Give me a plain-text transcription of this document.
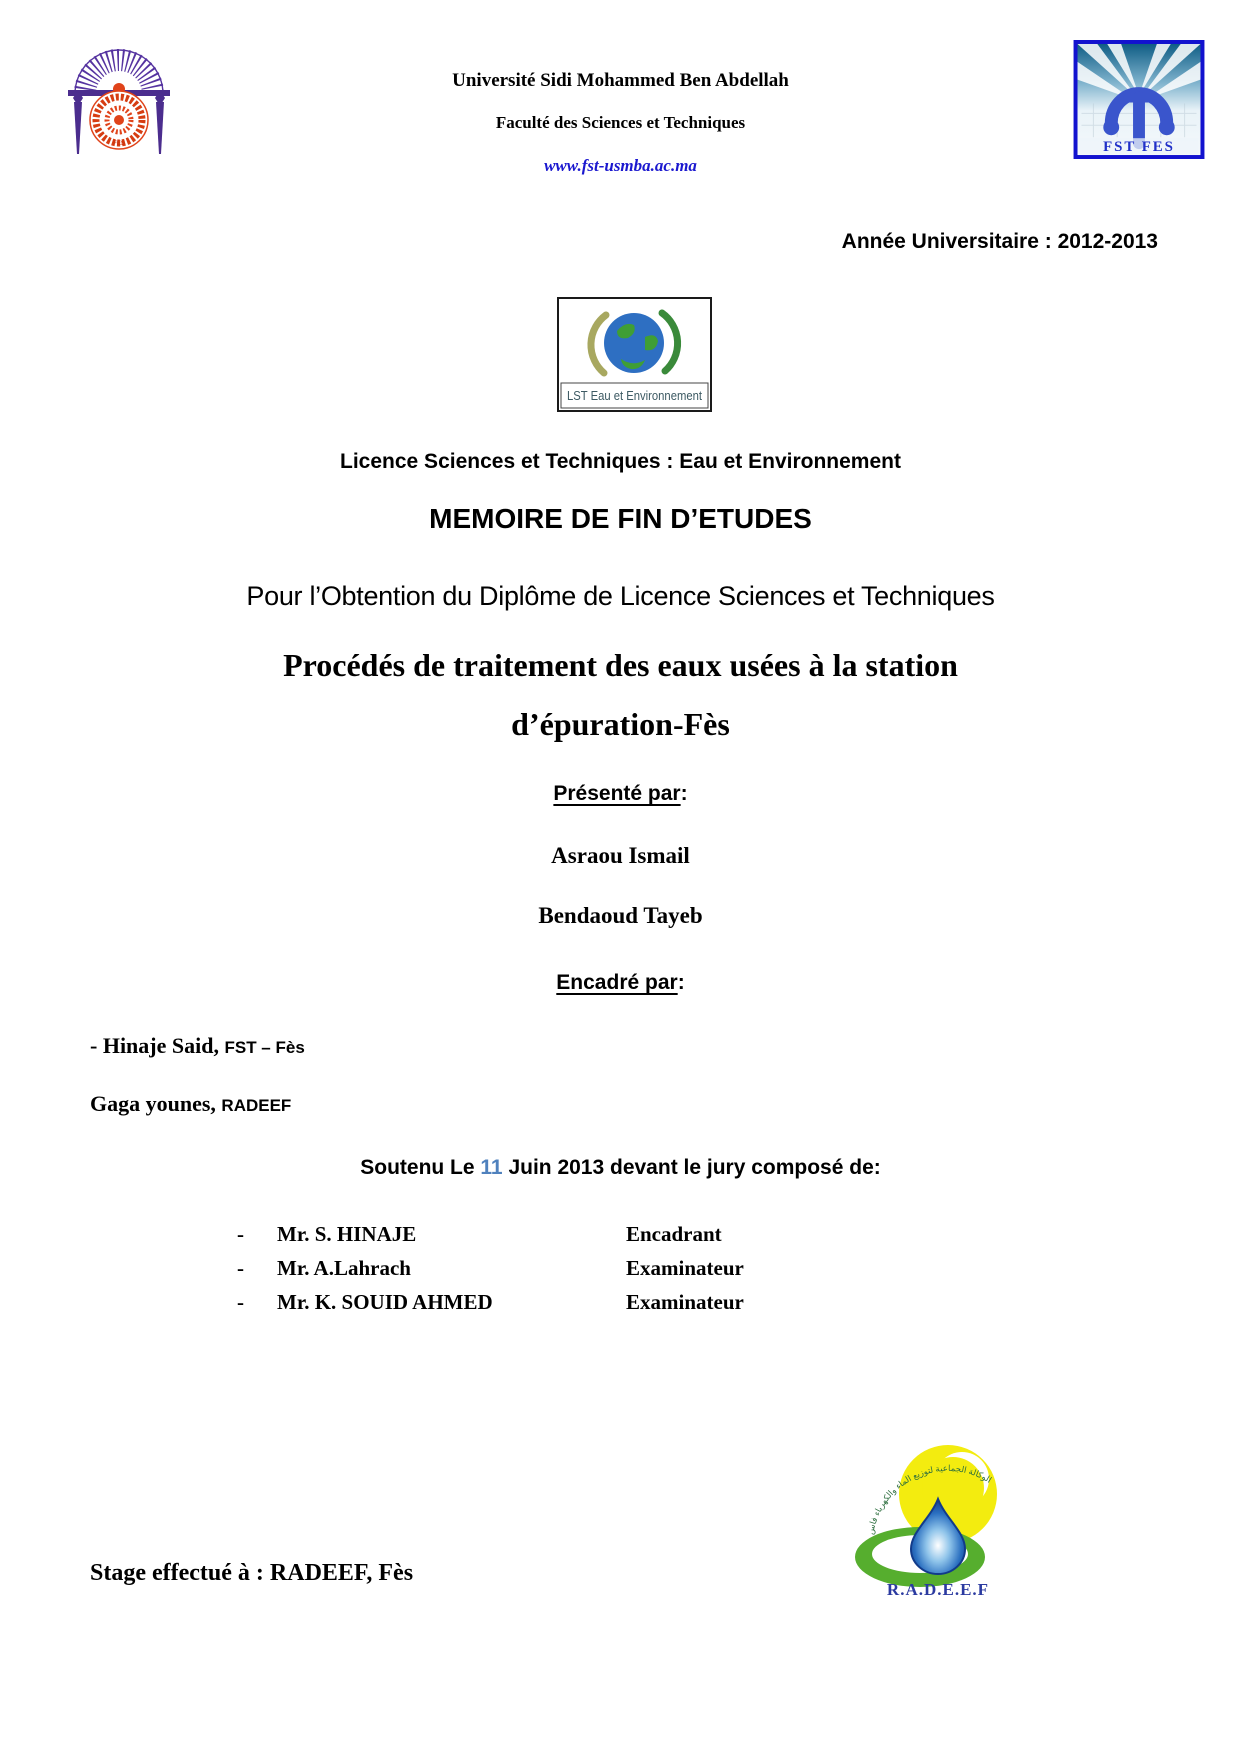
FES
Université Sidi Mohammed Ben Abdellah
Faculté des Sciences et Techniques
www.fst-usmba.ac.ma
FST FES
Année Universitaire : 2012-2013
LST Eau et Environnement
Licence Sciences et Techniques : Eau et Environnement
MEMOIRE DE FIN D’ETUDES
Pour l’Obtention du Diplôme de Licence Sciences et Techniques
Procédés de traitement des eaux usées à la station
d’épuration-Fès
Présenté par:
Asraou Ismail
Bendaoud Tayeb
Encadré par:
- Hinaje Said, FST – Fès
Gaga younes, RADEEF
Soutenu Le 11 Juin 2013 devant le jury composé de:
- Mr. S. HINAJE	Encadrant
- Mr. A.Lahrach	Examinateur
- Mr. K. SOUID AHMED	Examinateur
الوكالة الجماعية لتوزيع الماء والكهرباء فاس
R.A.D.E.E.F
Stage effectué à : RADEEF, Fès
